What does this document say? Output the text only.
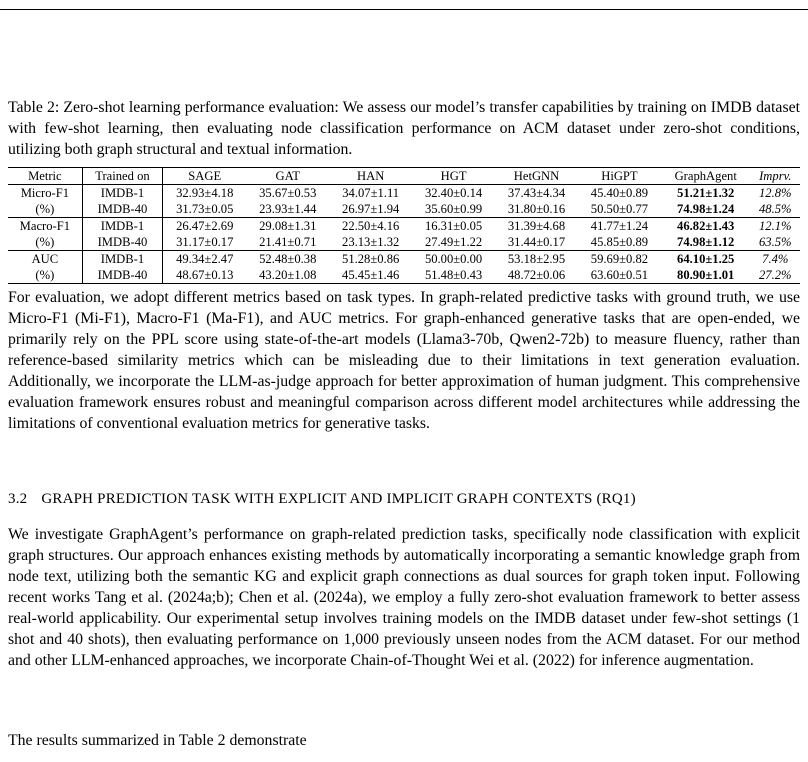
Table 2: Zero-shot learning performance evaluation: We assess our model’s transfer capabilities by training on IMDB dataset with few-shot learning, then evaluating node classification performance on ACM dataset under zero-shot conditions, utilizing both graph structural and textual information.
Metric	Trained on	SAGE	GAT	HAN	HGT	HetGNN	HiGPT	GraphAgent	Imprv.
Micro-F1	IMDB-1	32.93±4.18	35.67±0.53	34.07±1.11	32.40±0.14	37.43±4.34	45.40±0.89	51.21±1.32	12.8%
(%)	IMDB-40	31.73±0.05	23.93±1.44	26.97±1.94	35.60±0.99	31.80±0.16	50.50±0.77	74.98±1.24	48.5%
Macro-F1	IMDB-1	26.47±2.69	29.08±1.31	22.50±4.16	16.31±0.05	31.39±4.68	41.77±1.24	46.82±1.43	12.1%
(%)	IMDB-40	31.17±0.17	21.41±0.71	23.13±1.32	27.49±1.22	31.44±0.17	45.85±0.89	74.98±1.12	63.5%
AUC	IMDB-1	49.34±2.47	52.48±0.38	51.28±0.86	50.00±0.00	53.18±2.95	59.69±0.82	64.10±1.25	7.4%
(%)	IMDB-40	48.67±0.13	43.20±1.08	45.45±1.46	51.48±0.43	48.72±0.06	63.60±0.51	80.90±1.01	27.2%
For evaluation, we adopt different metrics based on task types. In graph-related predictive tasks with ground truth, we use Micro-F1 (Mi-F1), Macro-F1 (Ma-F1), and AUC metrics. For graph-enhanced generative tasks that are open-ended, we primarily rely on the PPL score using state-of-the-art models (Llama3-70b, Qwen2-72b) to measure fluency, rather than reference-based similarity metrics which can be misleading due to their limitations in text generation evaluation. Additionally, we incorporate the LLM-as-judge approach for better approximation of human judgment. This comprehensive evaluation framework ensures robust and meaningful comparison across different model architectures while addressing the limitations of conventional evaluation metrics for generative tasks.
3.2 GRAPH PREDICTION TASK WITH EXPLICIT AND IMPLICIT GRAPH CONTEXTS (RQ1)
We investigate GraphAgent’s performance on graph-related prediction tasks, specifically node classification with explicit graph structures. Our approach enhances existing methods by automatically incorporating a semantic knowledge graph from node text, utilizing both the semantic KG and explicit graph connections as dual sources for graph token input. Following recent works Tang et al. (2024a;b); Chen et al. (2024a), we employ a fully zero-shot evaluation framework to better assess real-world applicability. Our experimental setup involves training models on the IMDB dataset under few-shot settings (1 shot and 40 shots), then evaluating performance on 1,000 previously unseen nodes from the ACM dataset. For our method and other LLM-enhanced approaches, we incorporate Chain-of-Thought Wei et al. (2022) for inference augmentation.
The results summarized in Table 2 demonstrate
